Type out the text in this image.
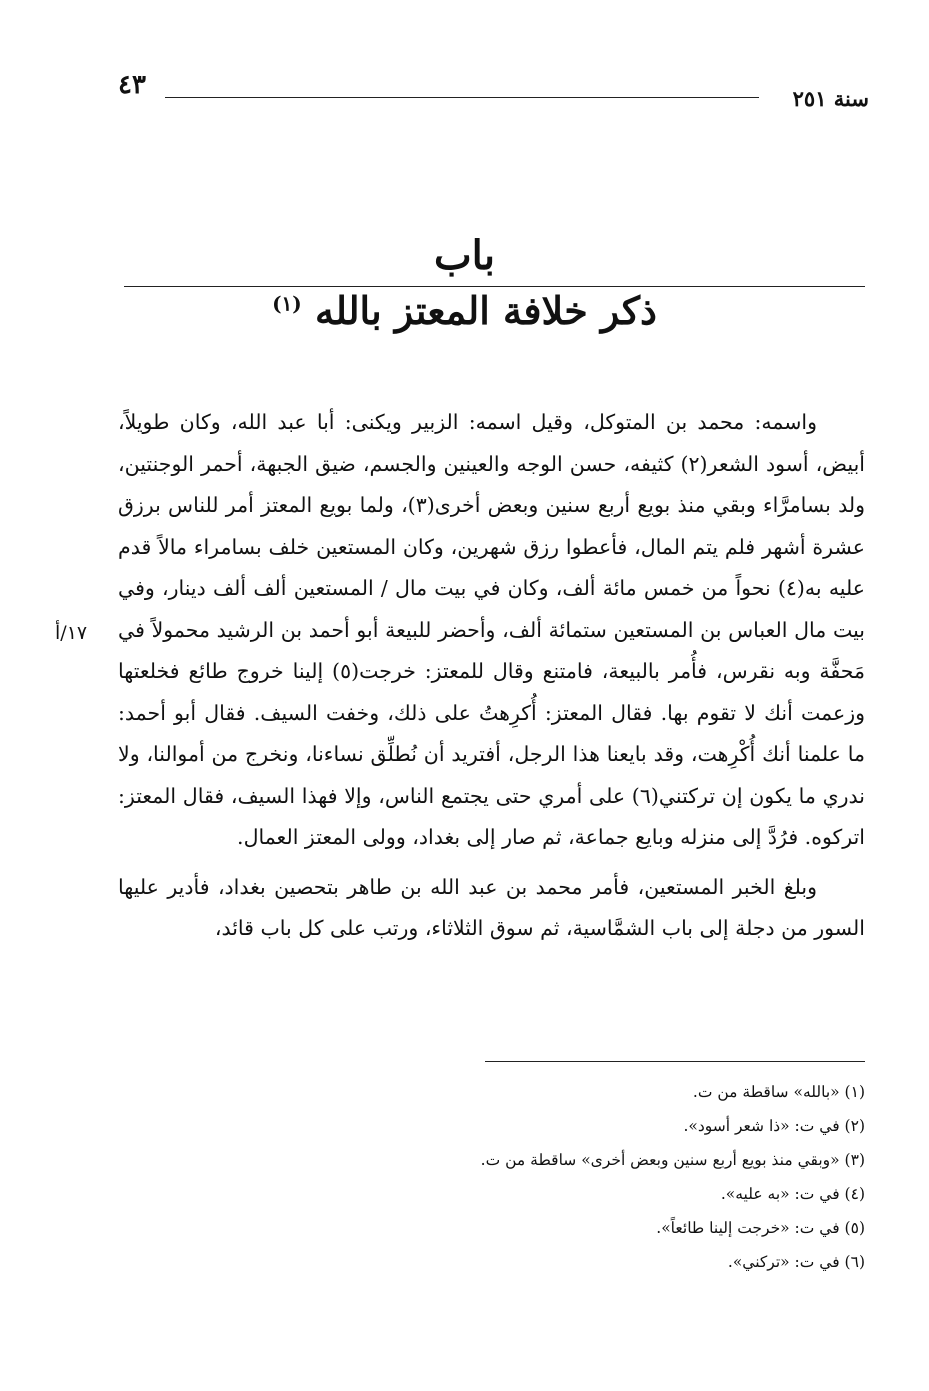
سنة ٢٥١
٤٣
باب
ذكر خلافة المعتز بالله $^{(١)}$
١٧/أ

واسمه: محمد بن المتوكل، وقيل اسمه: الزبير ويكنى: أبا عبد الله، وكان طويلاً، أبيض، أسود الشعر(٢) كثيفه، حسن الوجه والعينين والجسم، ضيق الجبهة، أحمر الوجنتين، ولد بسامرَّاء وبقي منذ بويع أربع سنين وبعض أخرى(٣)، ولما بويع المعتز أمر للناس برزق عشرة أشهر فلم يتم المال، فأعطوا رزق شهرين، وكان المستعين خلف بسامراء مالاً قدم عليه به(٤) نحواً من خمس مائة ألف، وكان في بيت مال / المستعين ألف ألف دينار، وفي بيت مال العباس بن المستعين ستمائة ألف، وأحضر للبيعة أبو أحمد بن الرشيد محمولاً في مَحفَّة وبه نقرس، فأُمر بالبيعة، فامتنع وقال للمعتز: خرجت(٥) إلينا خروج طائع فخلعتها وزعمت أنك لا تقوم بها. فقال المعتز: أُكرِهتُ على ذلك، وخفت السيف. فقال أبو أحمد: ما علمنا أنك أُكْرِهت، وقد بايعنا هذا الرجل، أفتريد أن نُطلِّق نساءنا، ونخرج من أموالنا، ولا ندري ما يكون إن تركتني(٦) على أمري حتى يجتمع الناس، وإلا فهذا السيف، فقال المعتز: اتركوه. فرُدَّ إلى منزله وبايع جماعة، ثم صار إلى بغداد، وولى المعتز العمال.

وبلغ الخبر المستعين، فأمر محمد بن عبد الله بن طاهر بتحصين بغداد، فأدير عليها السور من دجلة إلى باب الشمَّاسية، ثم سوق الثلاثاء، ورتب على كل باب قائد،

(١) «بالله» ساقطة من ت.
(٢) في ت: «ذا شعر أسود».
(٣) «وبقي منذ بويع أربع سنين وبعض أخرى» ساقطة من ت.
(٤) في ت: «به عليه».
(٥) في ت: «خرجت إلينا طائعاً».
(٦) في ت: «تركني».
